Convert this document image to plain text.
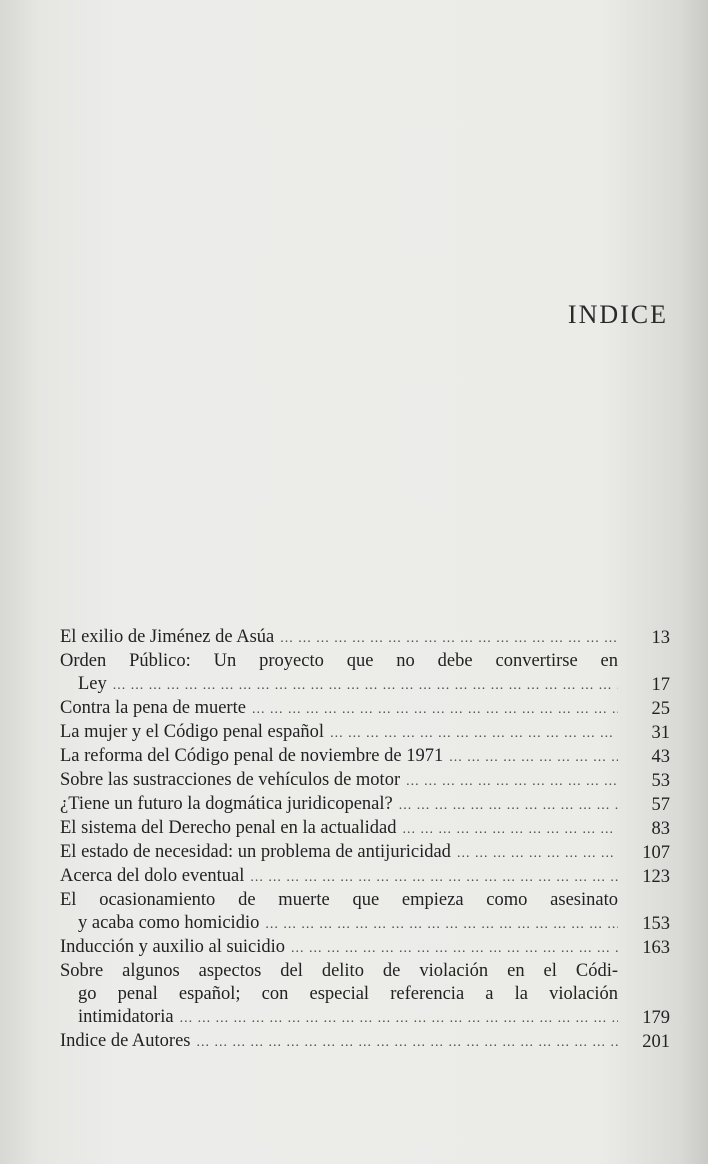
INDICE
El exilio de Jiménez de Asúa ... .	13
Orden Público: Un proyecto que no debe convertirse en
Ley ... .	17
Contra la pena de muerte ... .	25
La mujer y el Código penal español ... .	31
La reforma del Código penal de noviembre de 1971 ... .	43
Sobre las sustracciones de vehículos de motor ... .	53
¿Tiene un futuro la dogmática juridicopenal? ... .	57
El sistema del Derecho penal en la actualidad ... .	83
El estado de necesidad: un problema de antijuricidad ... .	107
Acerca del dolo eventual ... .	123
El ocasionamiento de muerte que empieza como asesinato
y acaba como homicidio ... .	153
Inducción y auxilio al suicidio ... .	163
Sobre algunos aspectos del delito de violación en el Códi-
go penal español; con especial referencia a la violación
intimidatoria ... .	179
Indice de Autores ... .	201
